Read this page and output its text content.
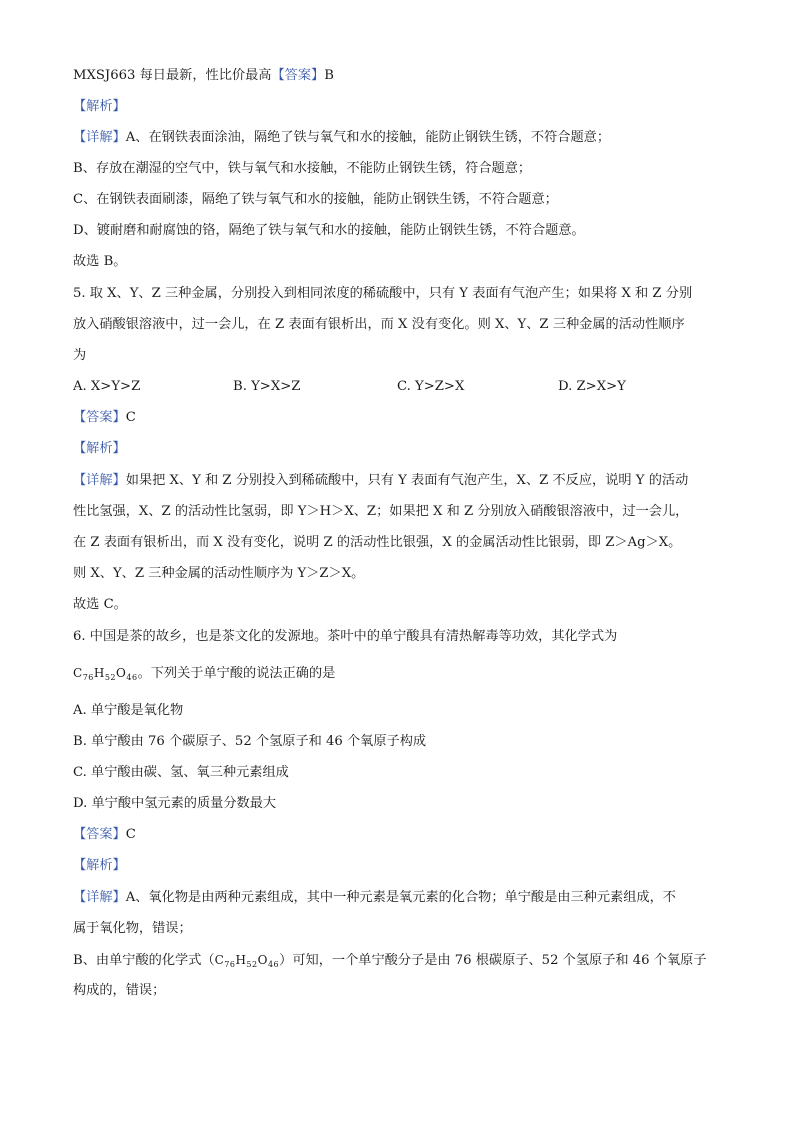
MXSJ663 每日最新，性比价最高【答案】B
【解析】
【详解】A、在钢铁表面涂油，隔绝了铁与氧气和水的接触，能防止钢铁生锈，不符合题意；
B、存放在潮湿的空气中，铁与氧气和水接触，不能防止钢铁生锈，符合题意；
C、在钢铁表面刷漆，隔绝了铁与氧气和水的接触，能防止钢铁生锈，不符合题意；
D、镀耐磨和耐腐蚀的铬，隔绝了铁与氧气和水的接触，能防止钢铁生锈，不符合题意。
故选 B。
5. 取 X、Y、Z 三种金属，分别投入到相同浓度的稀硫酸中，只有 Y 表面有气泡产生；如果将 X 和 Z 分别
放入硝酸银溶液中，过一会儿，在 Z 表面有银析出，而 X 没有变化。则 X、Y、Z 三种金属的活动性顺序
为
A. X>Y>Z	B. Y>X>Z	C. Y>Z>X	D. Z>X>Y
【答案】C
【解析】
【详解】如果把 X、Y 和 Z 分别投入到稀硫酸中，只有 Y 表面有气泡产生，X、Z 不反应，说明 Y 的活动
性比氢强，X、Z 的活动性比氢弱，即 Y＞H＞X、Z；如果把 X 和 Z 分别放入硝酸银溶液中，过一会儿，
在 Z 表面有银析出，而 X 没有变化，说明 Z 的活动性比银强，X 的金属活动性比银弱，即 Z＞Ag＞X。
则 X、Y、Z 三种金属的活动性顺序为 Y＞Z＞X。
故选 C。
6. 中国是茶的故乡，也是茶文化的发源地。茶叶中的单宁酸具有清热解毒等功效，其化学式为
$C_{76}H_{52}O_{46}$。下列关于单宁酸的说法正确的是
A. 单宁酸是氧化物
B. 单宁酸由 76 个碳原子、52 个氢原子和 46 个氧原子构成
C. 单宁酸由碳、氢、氧三种元素组成
D. 单宁酸中氢元素的质量分数最大
【答案】C
【解析】
【详解】A、氧化物是由两种元素组成，其中一种元素是氧元素的化合物；单宁酸是由三种元素组成，不
属于氧化物，错误；
B、由单宁酸的化学式$(C_{76}H_{52}O_{46})$可知，一个单宁酸分子是由 76 根碳原子、52 个氢原子和 46 个氧原子
构成的，错误；
